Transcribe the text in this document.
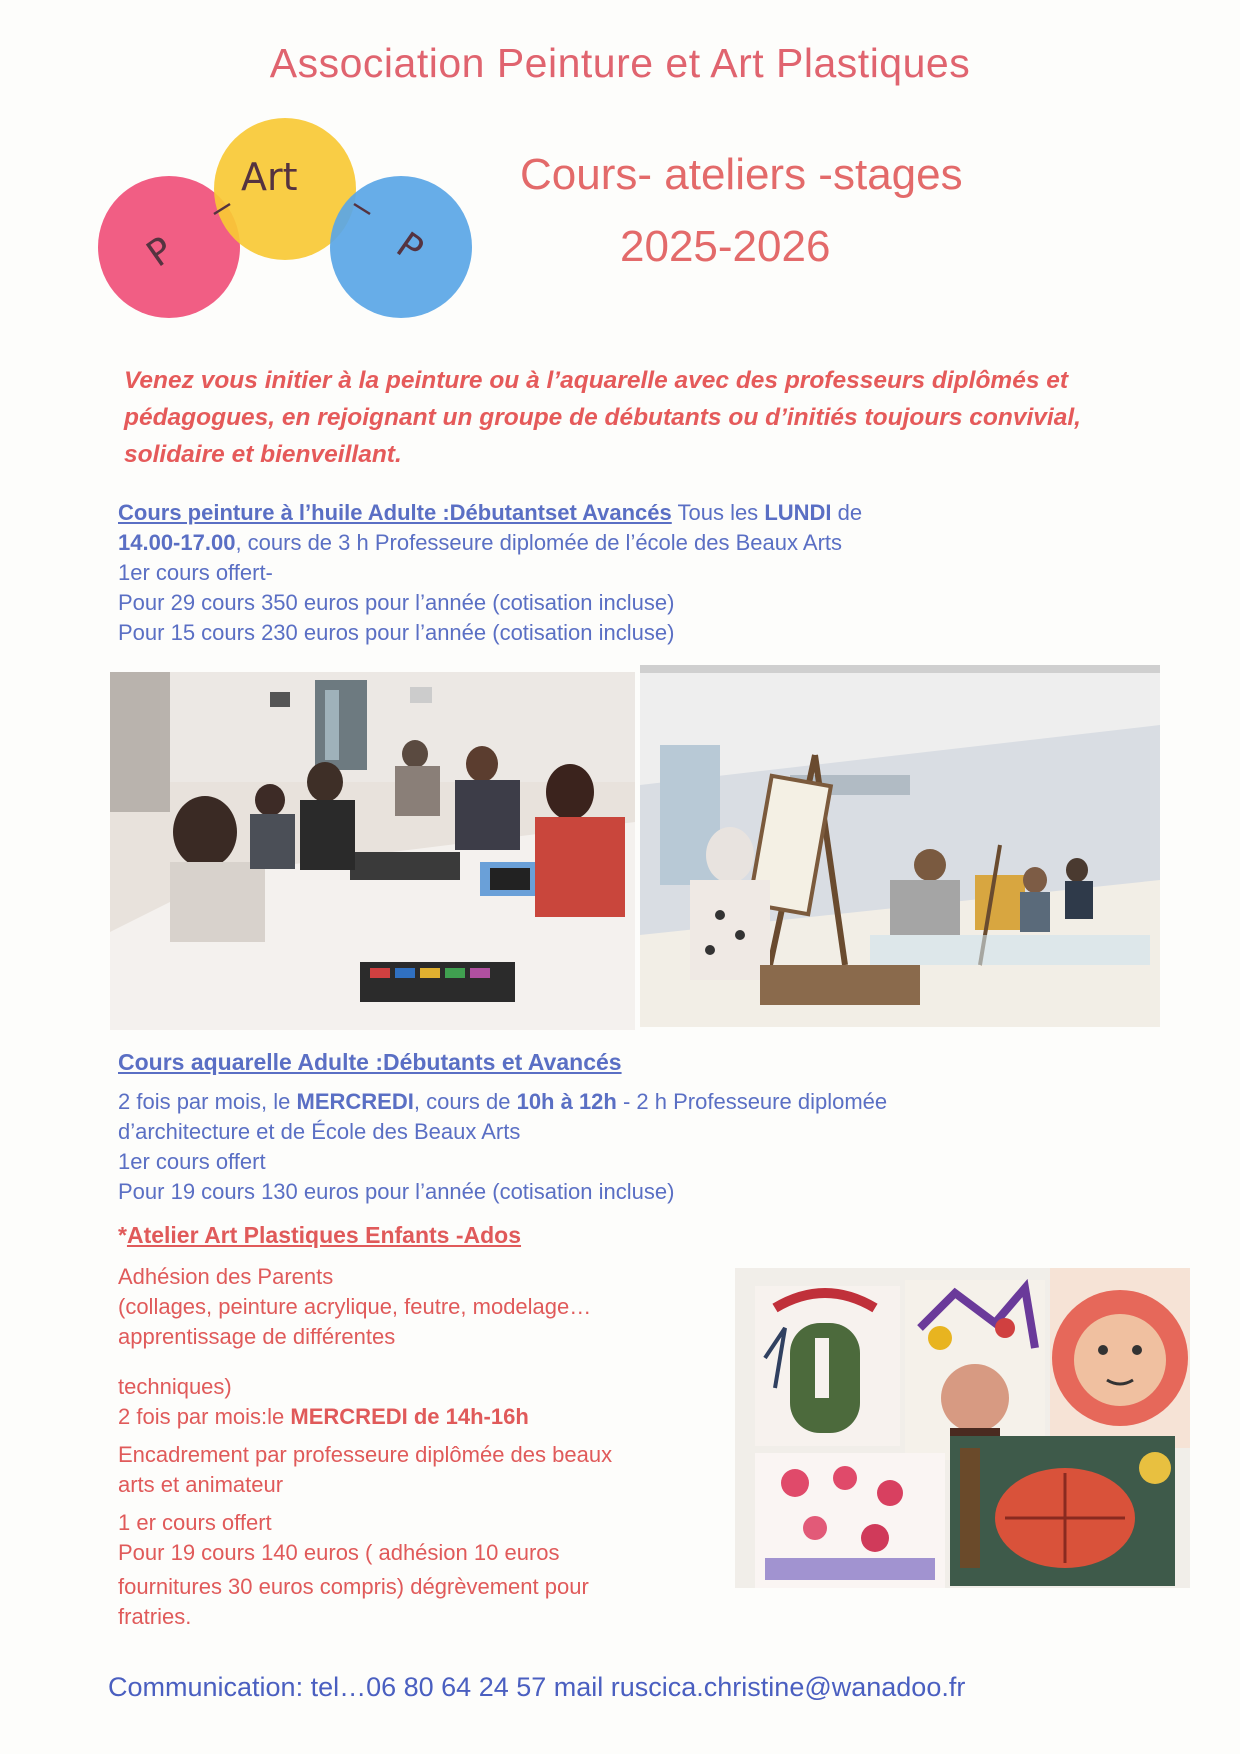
Association Peinture et Art Plastiques
P
Art
P
Cours- ateliers -stages
2025-2026
Venez vous initier à la peinture ou à l’aquarelle avec des professeurs diplômés et pédagogues, en rejoignant un groupe de débutants ou d’initiés toujours convivial, solidaire et bienveillant.
Cours peinture à l’huile Adulte :Débutantset Avancés Tous les LUNDI de
14.00-17.00, cours de 3 h Professeure diplomée de l’école des Beaux Arts
1er cours offert-
Pour 29 cours 350 euros pour l’année (cotisation incluse)
Pour 15 cours 230 euros pour l’année (cotisation incluse)
Cours aquarelle Adulte :Débutants et Avancés
2 fois par mois, le MERCREDI, cours de 10h à 12h - 2 h Professeure diplomée
d’architecture et de École des Beaux Arts
1er cours offert
Pour 19 cours 130 euros pour l’année (cotisation incluse)
*Atelier Art Plastiques Enfants -Ados
Adhésion des Parents
(collages, peinture acrylique, feutre, modelage…
apprentissage de différentes
techniques)
2 fois par mois:le MERCREDI de 14h-16h
Encadrement par professeure diplômée des beaux
arts et animateur
1 er cours offert
Pour 19 cours 140 euros ( adhésion 10 euros
fournitures 30 euros compris) dégrèvement pour
fratries.
Communication: tel…06 80 64 24 57 mail ruscica.christine@wanadoo.fr
